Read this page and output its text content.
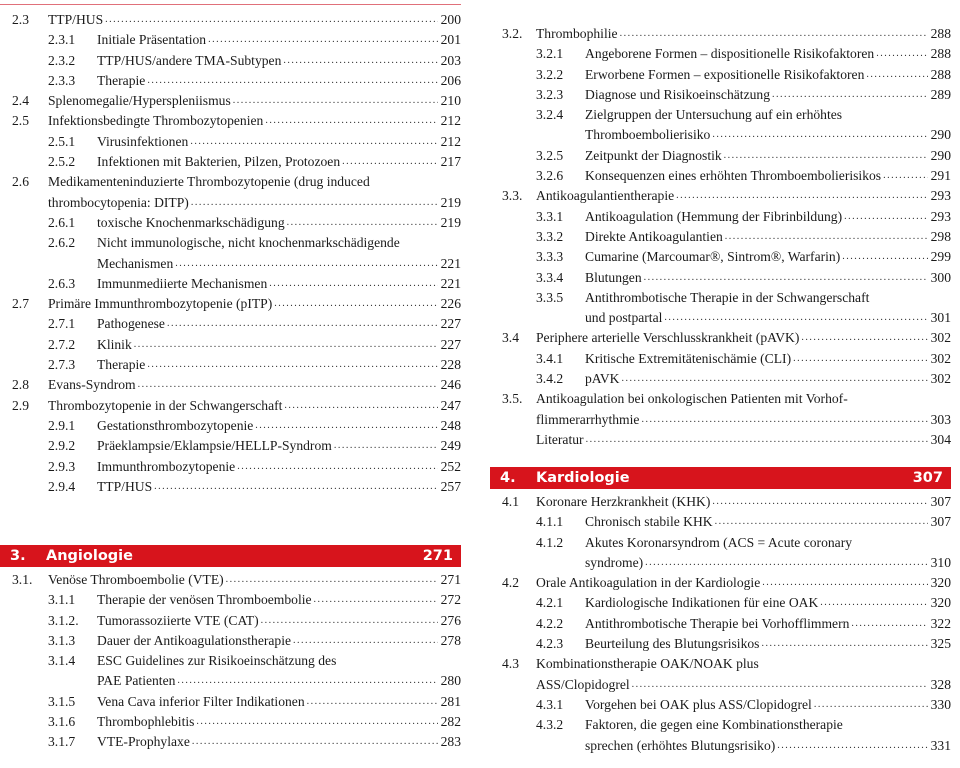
2.3 TTP/HUS .....	200
2.3.1 Initiale Präsentation .....	201
2.3.2 TTP/HUS/andere TMA-Subtypen .....	203
2.3.3 Therapie .....	206
2.4 Splenomegalie/Hyperspleniismus .....	210
2.5 Infektionsbedingte Thrombozytopenien .....	212
2.5.1 Virusinfektionen .....	212
2.5.2 Infektionen mit Bakterien, Pilzen, Protozoen .....	217
2.6 Medikamenteninduzierte Thrombozytopenie (drug induced
thrombocytopenia: DITP) .....	219
2.6.1 toxische Knochenmarkschädigung .....	219
2.6.2 Nicht immunologische, nicht knochenmarkschädigende
Mechanismen .....	221
2.6.3 Immunmediierte Mechanismen .....	221
2.7 Primäre Immunthrombozytopenie (pITP) .....	226
2.7.1 Pathogenese .....	227
2.7.2 Klinik .....	227
2.7.3 Therapie .....	228
2.8 Evans-Syndrom .....	246
2.9 Thrombozytopenie in der Schwangerschaft .....	247
2.9.1 Gestationsthrombozytopenie .....	248
2.9.2 Präeklampsie/Eklampsie/HELLP-Syndrom .....	249
2.9.3 Immunthrombozytopenie .....	252
2.9.4 TTP/HUS .....	257
3. Angiologie	271
3.1. Venöse Thromboembolie (VTE) .....	271
3.1.1 Therapie der venösen Thromboembolie .....	272
3.1.2. Tumorassoziierte VTE (CAT) .....	276
3.1.3 Dauer der Antikoagulationstherapie .....	278
3.1.4 ESC Guidelines zur Risikoeinschätzung des
PAE Patienten .....	280
3.1.5 Vena Cava inferior Filter Indikationen .....	281
3.1.6 Thrombophlebitis .....	282
3.1.7 VTE-Prophylaxe .....	283
3.2. Thrombophilie .....	288
3.2.1 Angeborene Formen – dispositionelle Risikofaktoren .....	288
3.2.2 Erworbene Formen – expositionelle Risikofaktoren .....	288
3.2.3 Diagnose und Risikoeinschätzung .....	289
3.2.4 Zielgruppen der Untersuchung auf ein erhöhtes
Thromboembolierisiko .....	290
3.2.5 Zeitpunkt der Diagnostik .....	290
3.2.6 Konsequenzen eines erhöhten Thromboembolierisikos .....	291
3.3. Antikoagulantientherapie .....	293
3.3.1 Antikoagulation (Hemmung der Fibrinbildung) .....	293
3.3.2 Direkte Antikoagulantien .....	298
3.3.3 Cumarine (Marcoumar®, Sintrom®, Warfarin) .....	299
3.3.4 Blutungen .....	300
3.3.5 Antithrombotische Therapie in der Schwangerschaft
und postpartal .....	301
3.4 Periphere arterielle Verschlusskrankheit (pAVK) .....	302
3.4.1 Kritische Extremitätenischämie (CLI) .....	302
3.4.2 pAVK .....	302
3.5. Antikoagulation bei onkologischen Patienten mit Vorhof-
flimmerarrhythmie .....	303
Literatur .....	304
4. Kardiologie	307
4.1 Koronare Herzkrankheit (KHK) .....	307
4.1.1 Chronisch stabile KHK .....	307
4.1.2 Akutes Koronarsyndrom (ACS = Acute coronary
syndrome) .....	310
4.2 Orale Antikoagulation in der Kardiologie .....	320
4.2.1 Kardiologische Indikationen für eine OAK .....	320
4.2.2 Antithrombotische Therapie bei Vorhofflimmern .....	322
4.2.3 Beurteilung des Blutungsrisikos .....	325
4.3 Kombinationstherapie OAK/NOAK plus
ASS/Clopidogrel .....	328
4.3.1 Vorgehen bei OAK plus ASS/Clopidogrel .....	330
4.3.2 Faktoren, die gegen eine Kombinationstherapie
sprechen (erhöhtes Blutungsrisiko) .....	331
